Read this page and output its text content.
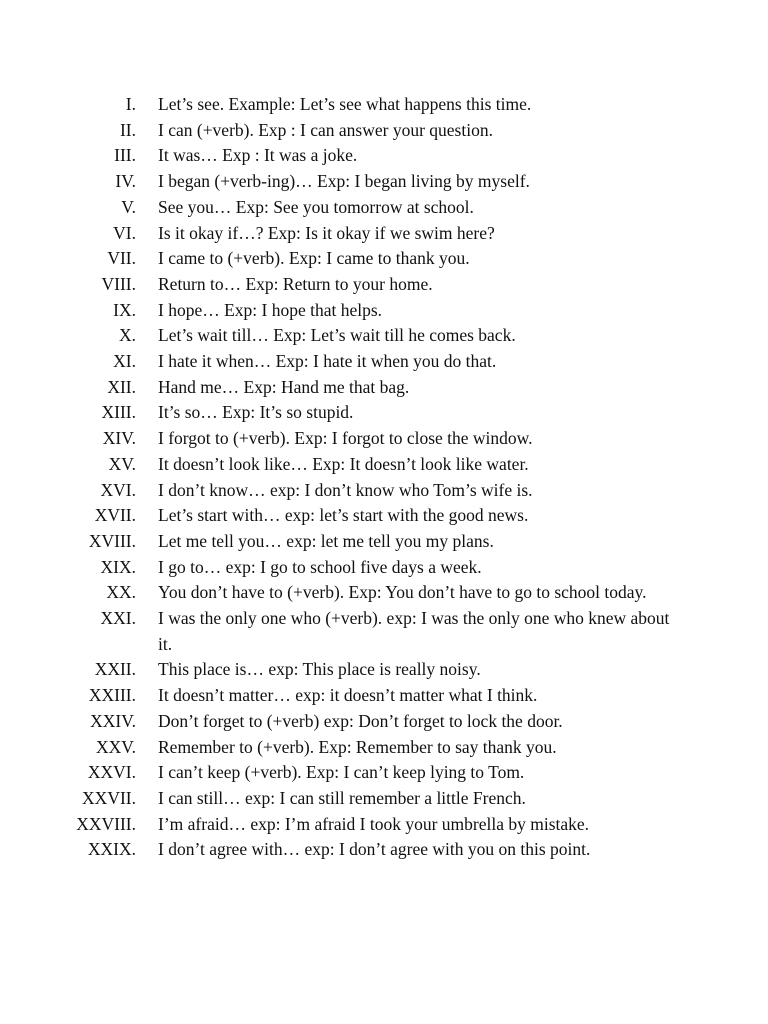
I. Let’s see. Example: Let’s see what happens this time.
II. I can (+verb). Exp : I can answer your question.
III. It was… Exp : It was a joke.
IV. I began (+verb-ing)… Exp: I began living by myself.
V. See you… Exp: See you tomorrow at school.
VI. Is it okay if…? Exp: Is it okay if we swim here?
VII. I came to (+verb). Exp: I came to thank you.
VIII. Return to… Exp: Return to your home.
IX. I hope… Exp: I hope that helps.
X. Let’s wait till… Exp: Let’s wait till he comes back.
XI. I hate it when… Exp: I hate it when you do that.
XII. Hand me… Exp: Hand me that bag.
XIII. It’s so… Exp: It’s so stupid.
XIV. I forgot to (+verb). Exp: I forgot to close the window.
XV. It doesn’t look like… Exp: It doesn’t look like water.
XVI. I don’t know… exp: I don’t know who Tom’s wife is.
XVII. Let’s start with… exp: let’s start with the good news.
XVIII. Let me tell you… exp: let me tell you my plans.
XIX. I go to… exp: I go to school five days a week.
XX. You don’t have to (+verb). Exp: You don’t have to go to school today.
XXI. I was the only one who (+verb). exp: I was the only one who knew about it.
XXII. This place is… exp: This place is really noisy.
XXIII. It doesn’t matter… exp: it doesn’t matter what I think.
XXIV. Don’t forget to (+verb) exp: Don’t forget to lock the door.
XXV. Remember to (+verb). Exp: Remember to say thank you.
XXVI. I can’t keep (+verb). Exp: I can’t keep lying to Tom.
XXVII. I can still… exp: I can still remember a little French.
XXVIII. I’m afraid… exp: I’m afraid I took your umbrella by mistake.
XXIX. I don’t agree with… exp: I don’t agree with you on this point.
